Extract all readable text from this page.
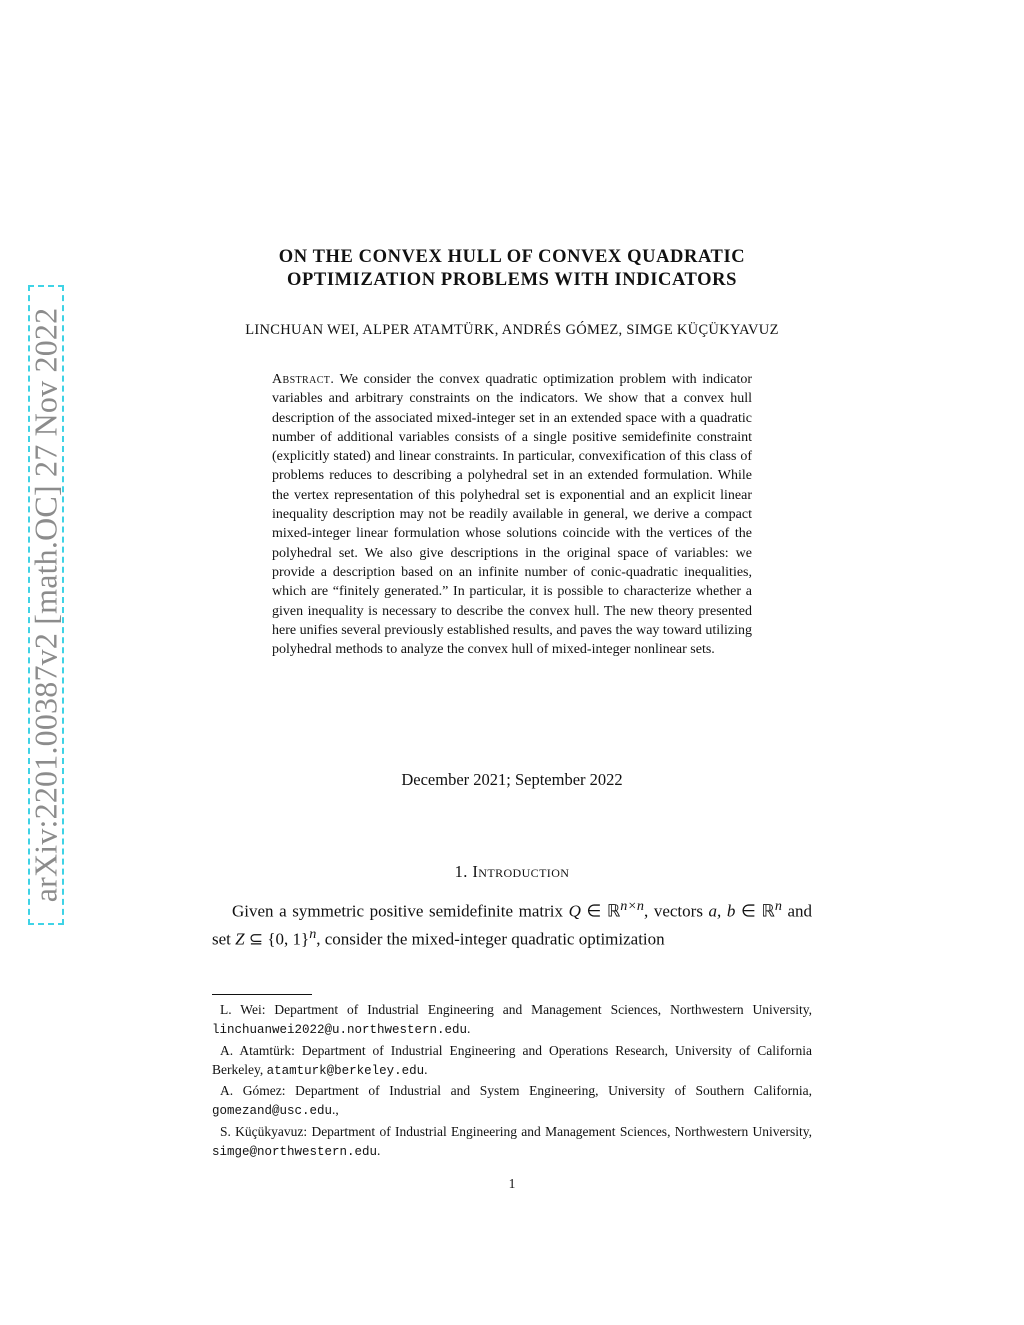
arXiv:2201.00387v2 [math.OC] 27 Nov 2022
ON THE CONVEX HULL OF CONVEX QUADRATIC
OPTIMIZATION PROBLEMS WITH INDICATORS
LINCHUAN WEI, ALPER ATAMTÜRK, ANDRÉS GÓMEZ, SIMGE KÜÇÜKYAVUZ
Abstract. We consider the convex quadratic optimization problem with indicator variables and arbitrary constraints on the indicators. We show that a convex hull description of the associated mixed-integer set in an extended space with a quadratic number of additional variables consists of a single positive semidefinite constraint (explicitly stated) and linear constraints. In particular, convexification of this class of problems reduces to describing a polyhedral set in an extended formulation. While the vertex representation of this polyhedral set is exponential and an explicit linear inequality description may not be readily available in general, we derive a compact mixed-integer linear formulation whose solutions coincide with the vertices of the polyhedral set. We also give descriptions in the original space of variables: we provide a description based on an infinite number of conic-quadratic inequalities, which are “finitely generated.” In particular, it is possible to characterize whether a given inequality is necessary to describe the convex hull. The new theory presented here unifies several previously established results, and paves the way toward utilizing polyhedral methods to analyze the convex hull of mixed-integer nonlinear sets.
December 2021; September 2022
1. Introduction
Given a symmetric positive semidefinite matrix Q ∈ ℝ$^{n\times n}$, vectors a, b ∈ ℝ$^n$ and set Z ⊆ {0, 1}$^n$, consider the mixed-integer quadratic optimization

L. Wei: Department of Industrial Engineering and Management Sciences, Northwestern University, linchuanwei2022@u.northwestern.edu.

A. Atamtürk: Department of Industrial Engineering and Operations Research, University of California Berkeley, atamturk@berkeley.edu.

A. Gómez: Department of Industrial and System Engineering, University of Southern California, gomezand@usc.edu.,

S. Küçükyavuz: Department of Industrial Engineering and Management Sciences, Northwestern University, simge@northwestern.edu.

1
